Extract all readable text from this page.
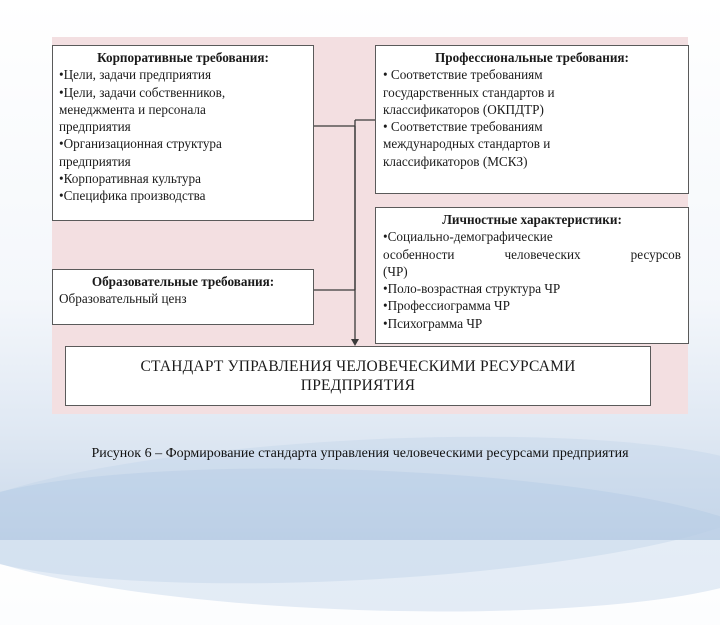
Корпоративные требования:
•Цели, задачи предприятия
•Цели, задачи собственников,
менеджмента и персонала
предприятия
•Организационная структура
предприятия
•Корпоративная культура
•Специфика производства
Образовательные требования:
Образовательный ценз
Профессиональные требования:
• Соответствие требованиям
государственных стандартов и
классификаторов (ОКПДТР)
• Соответствие требованиям
международных стандартов и
классификаторов (МСКЗ)
Личностные характеристики:
•Социально-демографические
особенности человеческих ресурсов
(ЧР)
•Поло-возрастная структура ЧР
•Профессиограмма ЧР
•Психограмма ЧР
СТАНДАРТ УПРАВЛЕНИЯ ЧЕЛОВЕЧЕСКИМИ РЕСУРСАМИ
ПРЕДПРИЯТИЯ
Рисунок 6 – Формирование стандарта управления человеческими ресурсами предприятия
